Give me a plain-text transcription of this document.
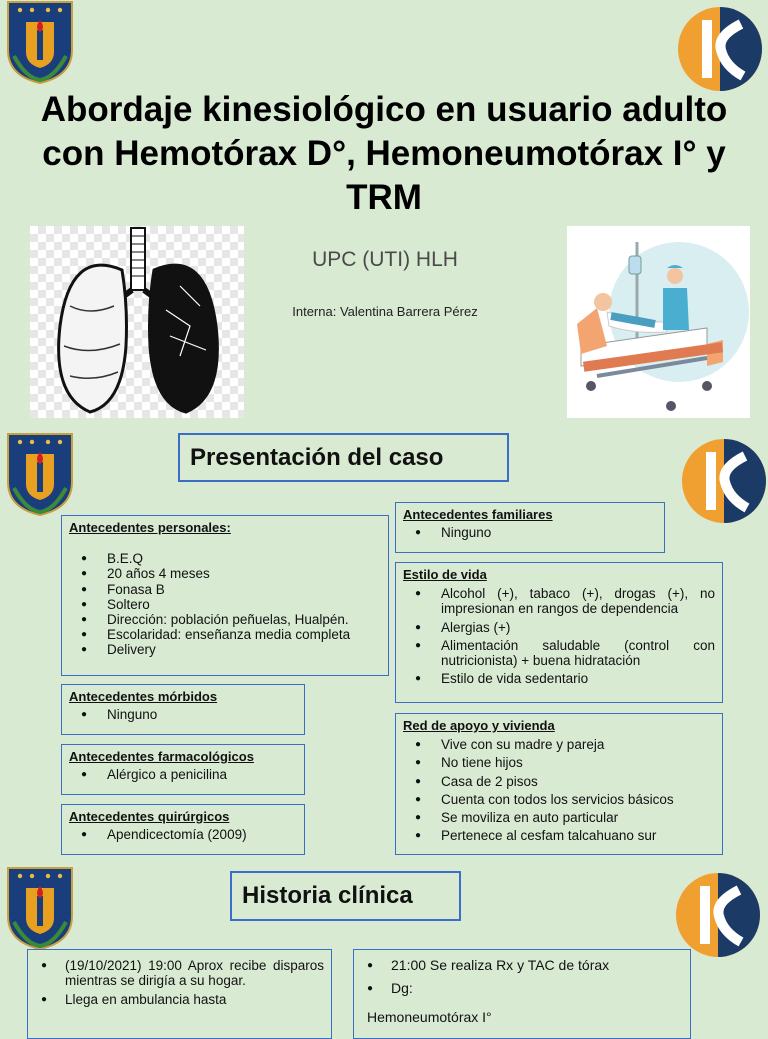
Abordaje kinesiológico en usuario adulto con Hemotórax D°, Hemoneumotórax I° y TRM
UPC (UTI) HLH
Interna: Valentina Barrera Pérez
Presentación del caso
Antecedentes personales:
● B.E.Q
● 20 años 4 meses
● Fonasa B
● Soltero
● Dirección: población peñuelas, Hualpén.
● Escolaridad: enseñanza media completa
● Delivery
Antecedentes familiares
● Ninguno
Estilo de vida
● Alcohol (+), tabaco (+), drogas (+), no impresionan en rangos de dependencia
● Alergias (+)
● Alimentación saludable (control con nutricionista) + buena hidratación
● Estilo de vida sedentario
Antecedentes mórbidos
● Ninguno
Antecedentes farmacológicos
● Alérgico a penicilina
Antecedentes quirúrgicos
● Apendicectomía (2009)
Red de apoyo y vivienda
● Vive con su madre y pareja
● No tiene hijos
● Casa de 2 pisos
● Cuenta con todos los servicios básicos
● Se moviliza en auto particular
● Pertenece al cesfam talcahuano sur
Historia clínica
● (19/10/2021) 19:00 Aprox recibe disparos mientras se dirigía a su hogar.
● Llega en ambulancia hasta
● 21:00 Se realiza Rx y TAC de tórax
● Dg:
Hemoneumotórax I°
